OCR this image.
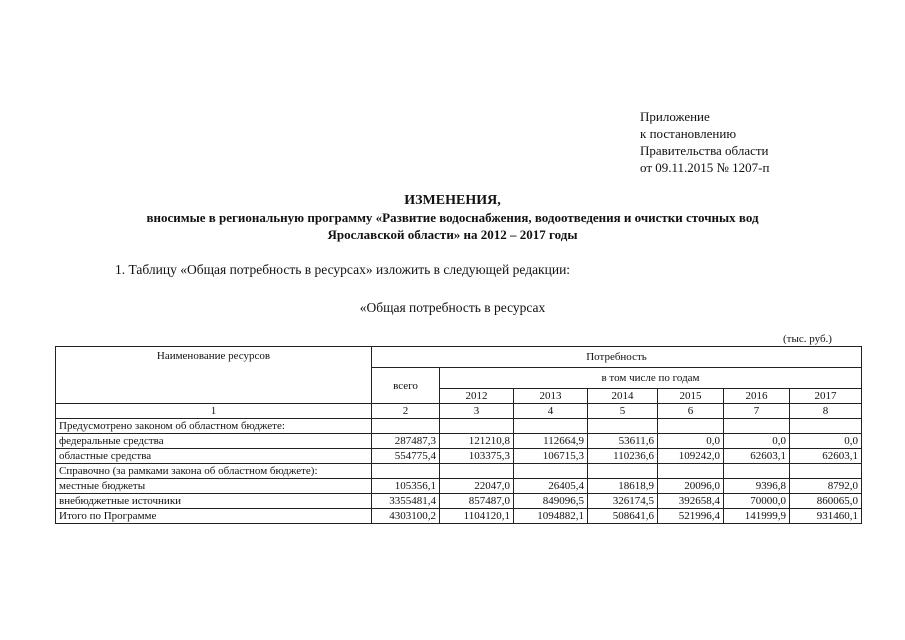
Приложение
к постановлению
Правительства области
от 09.11.2015 № 1207-п
ИЗМЕНЕНИЯ,
вносимые в региональную программу «Развитие водоснабжения, водоотведения и очистки сточных вод
Ярославской области» на 2012 – 2017 годы
1. Таблицу «Общая потребность в ресурсах» изложить в следующей редакции:
«Общая потребность в ресурсах
(тыс. руб.)
Наименование ресурсов	Потребность						
	всего	в том числе по годам					
		2012	2013	2014	2015	2016	2017
1	2	3	4	5	6	7	8
Предусмотрено законом об областном бюджете:							
федеральные средства	287487,3	121210,8	112664,9	53611,6	0,0	0,0	0,0
областные средства	554775,4	103375,3	106715,3	110236,6	109242,0	62603,1	62603,1
Справочно (за рамками закона об областном бюджете):							
местные бюджеты	105356,1	22047,0	26405,4	18618,9	20096,0	9396,8	8792,0
внебюджетные источники	3355481,4	857487,0	849096,5	326174,5	392658,4	70000,0	860065,0
Итого по Программе	4303100,2	1104120,1	1094882,1	508641,6	521996,4	141999,9	931460,1
